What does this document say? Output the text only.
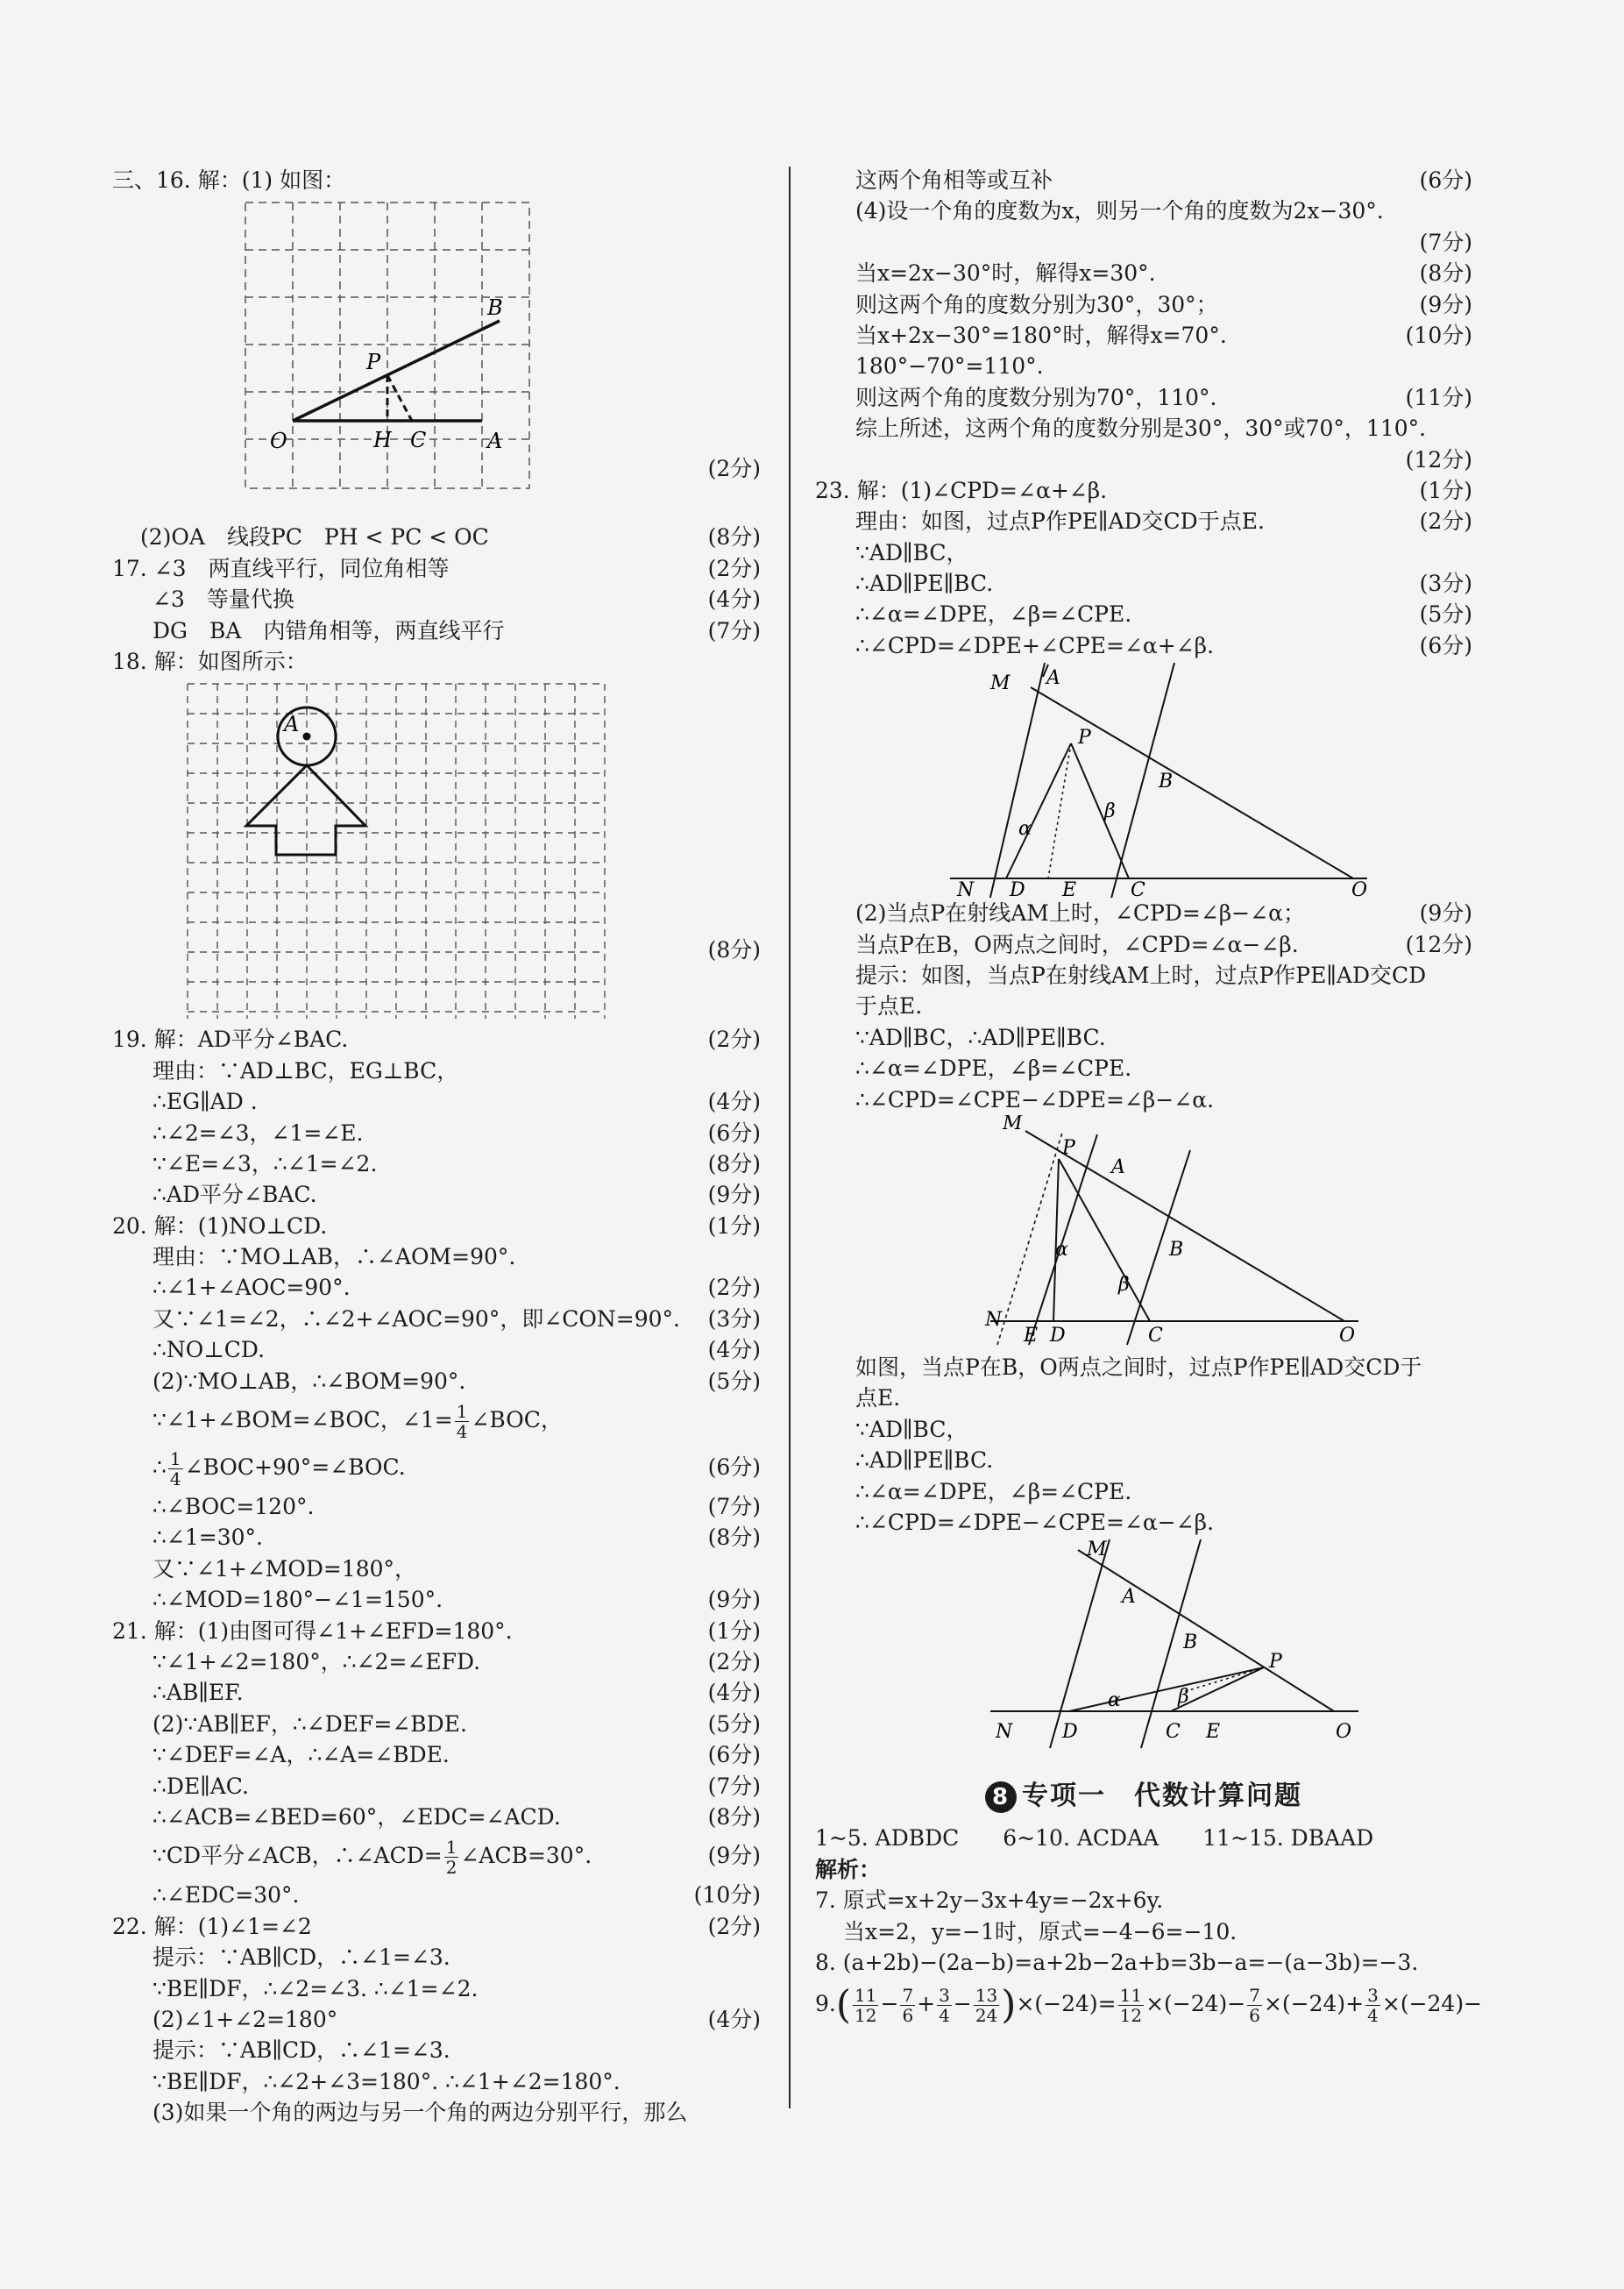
三、16. 解：(1) 如图：
O	H C	A
P
B
(2分)
(2)OA　线段PC　PH < PC < OC	(8分)
17. ∠3　两直线平行，同位角相等	(2分)
∠3　等量代换	(4分)
DG　BA　内错角相等，两直线平行	(7分)
18. 解：如图所示：
A
(8分)
19. 解：AD平分∠BAC.	(2分)
理由：∵AD⊥BC，EG⊥BC，
∴EG∥AD .	(4分)
∴∠2=∠3，∠1=∠E.	(6分)
∵∠E=∠3，∴∠1=∠2.	(8分)
∴AD平分∠BAC.	(9分)
20. 解：(1)NO⊥CD.	(1分)
理由：∵MO⊥AB，∴∠AOM=90°.
∴∠1+∠AOC=90°.	(2分)
又∵∠1=∠2，∴∠2+∠AOC=90°，即∠CON=90°. (3分)
∴NO⊥CD.	(4分)
(2)∵MO⊥AB，∴∠BOM=90°.	(5分)
∵∠1+∠BOM=∠BOC，∠1= $\frac{1}{4}$ ∠BOC，
∴ $\frac{1}{4}$ ∠BOC+90°=∠BOC.	(6分)
∴∠BOC=120°.	(7分)
∴∠1=30°.	(8分)
又∵∠1+∠MOD=180°，
∴∠MOD=180°−∠1=150°.	(9分)
21. 解：(1)由图可得∠1+∠EFD=180°.	(1分)
∵∠1+∠2=180°，∴∠2=∠EFD.	(2分)
∴AB∥EF.	(4分)
(2)∵AB∥EF，∴∠DEF=∠BDE.	(5分)
∵∠DEF=∠A，∴∠A=∠BDE.	(6分)
∴DE∥AC.	(7分)
∴∠ACB=∠BED=60°，∠EDC=∠ACD.	(8分)
∵CD平分∠ACB，∴∠ACD= $\frac{1}{2}$ ∠ACB=30°.	(9分)
∴∠EDC=30°.	(10分)
22. 解：(1)∠1=∠2	(2分)
提示：∵AB∥CD，∴∠1=∠3.
∵BE∥DF，∴∠2=∠3. ∴∠1=∠2.
(2)∠1+∠2=180°	(4分)
提示：∵AB∥CD，∴∠1=∠3.
∵BE∥DF，∴∠2+∠3=180°. ∴∠1+∠2=180°.
(3)如果一个角的两边与另一个角的两边分别平行，那么
这两个角相等或互补	(6分)
(4)设一个角的度数为x，则另一个角的度数为2x−30°.
(7分)
当x=2x−30°时，解得x=30°.	(8分)
则这两个角的度数分别为30°，30°；	(9分)
当x+2x−30°=180°时，解得x=70°.	(10分)
180°−70°=110°.
则这两个角的度数分别为70°，110°.	(11分)
综上所述，这两个角的度数分别是30°，30°或70°，110°.
(12分)
23. 解：(1)∠CPD=∠α+∠β.	(1分)
理由：如图，过点P作PE∥AD交CD于点E.	(2分)
∵AD∥BC，
∴AD∥PE∥BC.	(3分)
∴∠α=∠DPE，∠β=∠CPE.	(5分)
∴∠CPD=∠DPE+∠CPE=∠α+∠β.	(6分)
M A
P
B
α
β
N D E	C	O
(2)当点P在射线AM上时，∠CPD=∠β−∠α；	(9分)
当点P在B，O两点之间时，∠CPD=∠α−∠β.	(12分)
提示：如图，当点P在射线AM上时，过点P作PE∥AD交CD
于点E.
∵AD∥BC，∴AD∥PE∥BC.
∴∠α=∠DPE，∠β=∠CPE.
∴∠CPD=∠CPE−∠DPE=∠β−∠α.
M
P
A
B
α
β
N
E D	C	O
如图，当点P在B，O两点之间时，过点P作PE∥AD交CD于
点E.
∵AD∥BC，
∴AD∥PE∥BC.
∴∠α=∠DPE，∠β=∠CPE.
∴∠CPD=∠DPE−∠CPE=∠α−∠β.
M
A
B
P
α	β
N	D	C E	O
8 专项一　代数计算问题
1~5. ADBDC　　6~10. ACDAA　　11~15. DBAAD
解析：
7. 原式=x+2y−3x+4y=−2x+6y.
当x=2，y=−1时，原式=−4−6=−10.
8. (a+2b)−(2a−b)=a+2b−2a+b=3b−a=−(a−3b)=−3.
$9.( \frac{11}{12} - \frac{7}{6} + \frac{3}{4} - \frac{13}{24} )\times(-24)= \frac{11}{12} \times(-24)- \frac{7}{6} \times(-24)+ \frac{3}{4} \times(-24)-$
